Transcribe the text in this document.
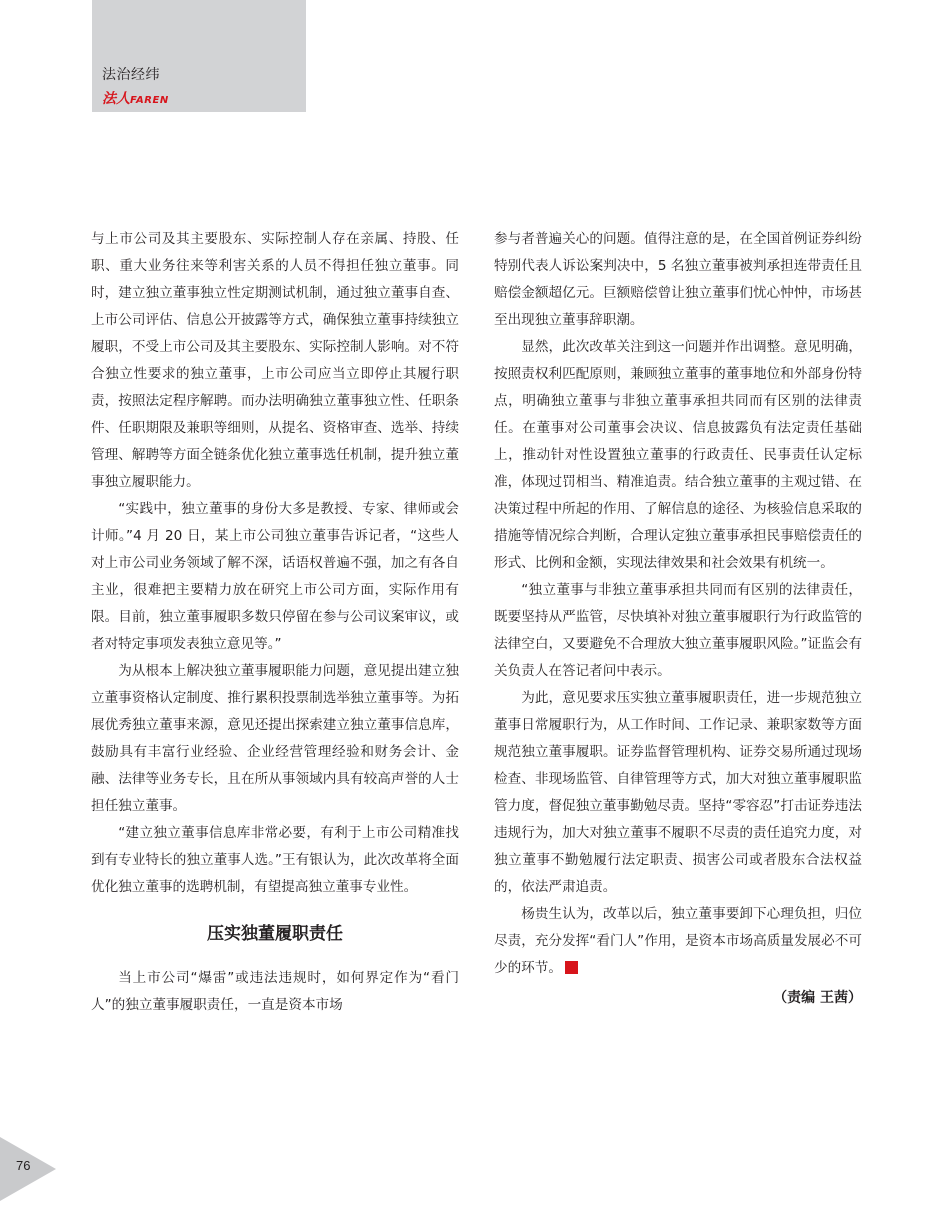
法治经纬
法人FAREN

与上市公司及其主要股东、实际控制人存在亲属、持股、任职、重大业务往来等利害关系的人员不得担任独立董事。同时，建立独立董事独立性定期测试机制，通过独立董事自查、上市公司评估、信息公开披露等方式，确保独立董事持续独立履职，不受上市公司及其主要股东、实际控制人影响。对不符合独立性要求的独立董事，上市公司应当立即停止其履行职责，按照法定程序解聘。而办法明确独立董事独立性、任职条件、任职期限及兼职等细则，从提名、资格审查、选举、持续管理、解聘等方面全链条优化独立董事选任机制，提升独立董事独立履职能力。

“实践中，独立董事的身份大多是教授、专家、律师或会计师。”4 月 20 日，某上市公司独立董事告诉记者，“这些人对上市公司业务领域了解不深，话语权普遍不强，加之有各自主业，很难把主要精力放在研究上市公司方面，实际作用有限。目前，独立董事履职多数只停留在参与公司议案审议，或者对特定事项发表独立意见等。”

为从根本上解决独立董事履职能力问题，意见提出建立独立董事资格认定制度、推行累积投票制选举独立董事等。为拓展优秀独立董事来源，意见还提出探索建立独立董事信息库，鼓励具有丰富行业经验、企业经营管理经验和财务会计、金融、法律等业务专长，且在所从事领域内具有较高声誉的人士担任独立董事。

“建立独立董事信息库非常必要，有利于上市公司精准找到有专业特长的独立董事人选。”王有银认为，此次改革将全面优化独立董事的选聘机制，有望提高独立董事专业性。

压实独董履职责任

当上市公司“爆雷”或违法违规时，如何界定作为“看门人”的独立董事履职责任，一直是资本市场

参与者普遍关心的问题。值得注意的是，在全国首例证券纠纷特别代表人诉讼案判决中，5 名独立董事被判承担连带责任且赔偿金额超亿元。巨额赔偿曾让独立董事们忧心忡忡，市场甚至出现独立董事辞职潮。

显然，此次改革关注到这一问题并作出调整。意见明确，按照责权利匹配原则，兼顾独立董事的董事地位和外部身份特点，明确独立董事与非独立董事承担共同而有区别的法律责任。在董事对公司董事会决议、信息披露负有法定责任基础上，推动针对性设置独立董事的行政责任、民事责任认定标准，体现过罚相当、精准追责。结合独立董事的主观过错、在决策过程中所起的作用、了解信息的途径、为核验信息采取的措施等情况综合判断，合理认定独立董事承担民事赔偿责任的形式、比例和金额，实现法律效果和社会效果有机统一。

“独立董事与非独立董事承担共同而有区别的法律责任，既要坚持从严监管，尽快填补对独立董事履职行为行政监管的法律空白，又要避免不合理放大独立董事履职风险。”证监会有关负责人在答记者问中表示。

为此，意见要求压实独立董事履职责任，进一步规范独立董事日常履职行为，从工作时间、工作记录、兼职家数等方面规范独立董事履职。证券监督管理机构、证券交易所通过现场检查、非现场监管、自律管理等方式，加大对独立董事履职监管力度，督促独立董事勤勉尽责。坚持“零容忍”打击证券违法违规行为，加大对独立董事不履职不尽责的责任追究力度，对独立董事不勤勉履行法定职责、损害公司或者股东合法权益的，依法严肃追责。

杨贵生认为，改革以后，独立董事要卸下心理负担，归位尽责，充分发挥“看门人”作用，是资本市场高质量发展必不可少的环节。

（责编 王茜）
76
